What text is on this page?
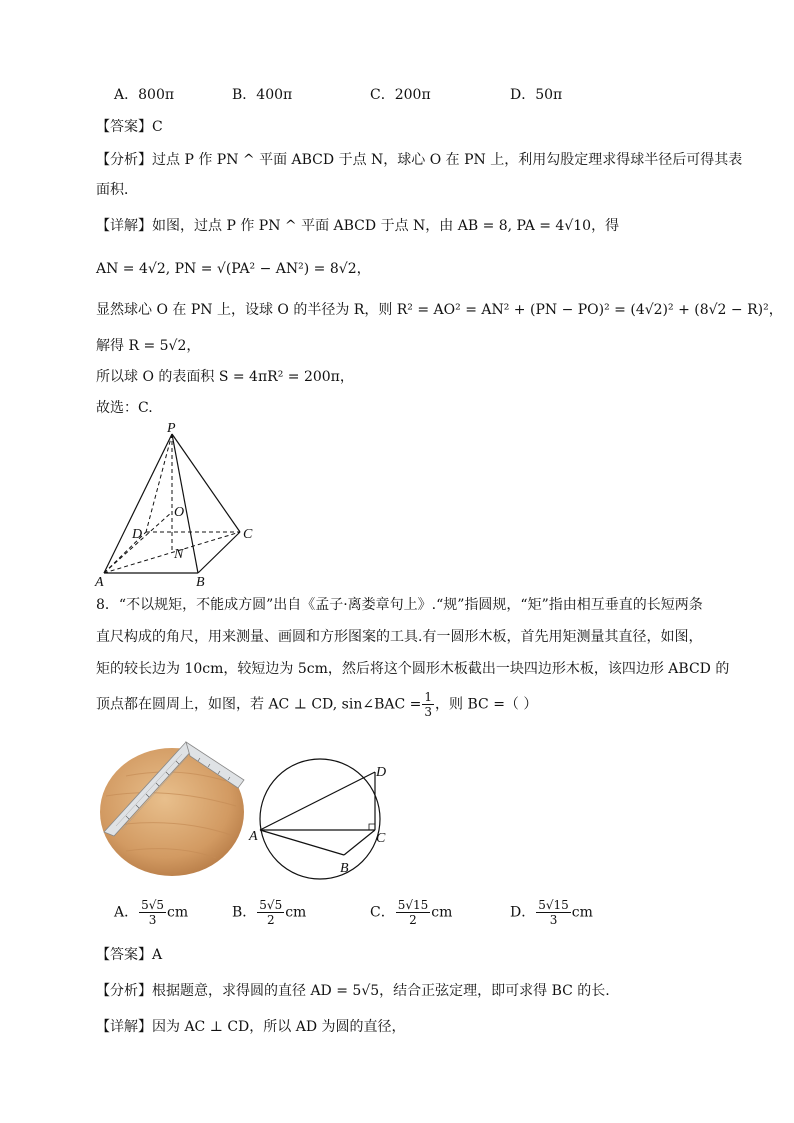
A．800π	B．400π	C．200π	D．50π
【答案】C
【分析】过点 P 作 PN ^ 平面 ABCD 于点 N，球心 O 在 PN 上，利用勾股定理求得球半径后可得其表
面积．
【详解】如图，过点 P 作 PN ^ 平面 ABCD 于点 N，由 AB = 8, PA = 4√10，得
AN = 4√2, PN = √(PA² − AN²) = 8√2，
显然球心 O 在 PN 上，设球 O 的半径为 R，则 R² = AO² = AN² + (PN − PO)² = (4√2)² + (8√2 − R)²，
解得 R = 5√2，
所以球 O 的表面积 S = 4πR² = 200π，
故选：C.
P
O
D	C
N
A	B
8．“不以规矩，不能成方圆”出自《孟子·离娄章句上》.“规”指圆规，“矩”指由相互垂直的长短两条
直尺构成的角尺，用来测量、画圆和方形图案的工具.有一圆形木板，首先用矩测量其直径，如图，
矩的较长边为 10cm，较短边为 5cm，然后将这个圆形木板截出一块四边形木板，该四边形 ABCD 的
顶点都在圆周上，如图，若 AC ⊥ CD, sin∠BAC = $\frac{1}{3}$ ，则 BC =（ ）
A
B
C
D
A． $\frac{5√5}{3}$ cm	B． $\frac{5√5}{2}$ cm	C． $\frac{5√15}{2}$ cm	D． $\frac{5√15}{3}$ cm
【答案】A
【分析】根据题意，求得圆的直径 AD = 5√5，结合正弦定理，即可求得 BC 的长.
【详解】因为 AC ⊥ CD，所以 AD 为圆的直径，
